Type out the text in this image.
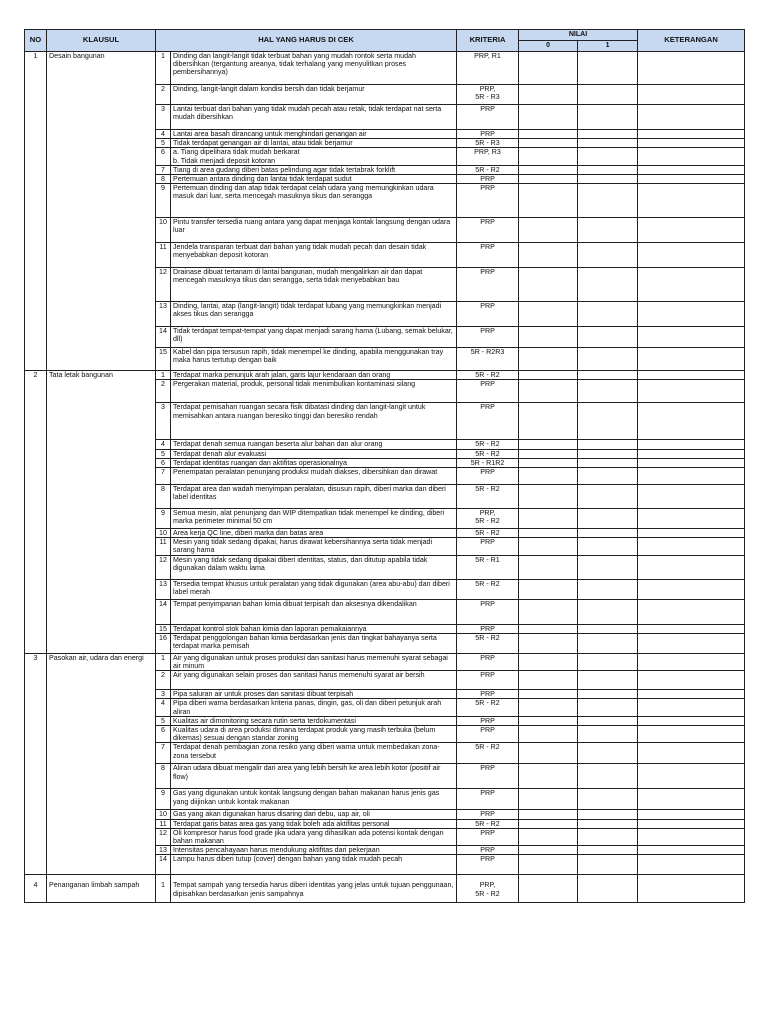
NO	KLAUSUL	HAL YANG HARUS DI CEK		KRITERIA	NILAI		KETERANGAN
					0	1	
1	Desain bangunan	1	Dinding dan langit-langit tidak terbuat bahan yang mudah rontok serta mudah dibersihkan (tergantung areanya, tidak terhalang yang menyulitkan proses pembersihannya)	PRP, R1			
		2	Dinding, langit-langit dalam kondisi bersih dan tidak berjamur	PRP,
5R - R3			
		3	Lantai terbuat dari bahan yang tidak mudah pecah atau retak, tidak terdapat nat serta mudah dibersihkan	PRP			
		4	Lantai area basah dirancang untuk menghindari genangan air	PRP			
		5	Tidak terdapat genangan air di lantai, atau tidak berjamur	5R - R3			
		6	a. Tiang dipelihara tidak mudah berkarat
b. Tidak menjadi deposit kotoran	PRP, R3			
		7	Tiang di area gudang diberi batas pelindung agar tidak tertabrak forklift	5R - R2			
		8	Pertemuan antara dinding dan lantai tidak terdapat sudut	PRP			
		9	Pertemuan dinding dan atap tidak terdapat celah udara yang memungkinkan udara masuk dari luar, serta mencegah masuknya tikus dan serangga	PRP			
		10	Pintu transfer tersedia ruang antara yang dapat menjaga kontak langsung dengan udara luar	PRP			
		11	Jendela transparan terbuat dari bahan yang tidak mudah pecah dan desain tidak menyebabkan deposit kotoran	PRP			
		12	Drainase dibuat tertanam di lantai bangunan, mudah mengalirkan air dan dapat mencegah masuknya tikus dan serangga, serta tidak menyebabkan bau	PRP			
		13	Dinding, lantai, atap (langit-langit) tidak terdapat lubang yang memungkinkan menjadi akses tikus dan serangga	PRP			
		14	Tidak terdapat tempat-tempat yang dapat menjadi sarang hama (Lubang, semak belukar, dll)	PRP			
		15	Kabel dan pipa tersusun rapih, tidak menempel ke dinding, apabila menggunakan tray maka harus tertutup dengan baik	5R - R2R3			
2	Tata letak bangunan	1	Terdapat marka penunjuk arah jalan, garis lajur kendaraan dan orang	5R - R2			
		2	Pergerakan material, produk, personal tidak menimbulkan kontaminasi silang	PRP			
		3	Terdapat pemisahan ruangan secara fisik dibatasi dinding dan langit-langit untuk memisahkan antara ruangan beresiko tinggi dan beresiko rendah	PRP			
		4	Terdapat denah semua ruangan beserta alur bahan dan alur orang	5R - R2			
		5	Terdapat denah alur evakuasi	5R - R2			
		6	Terdapat identitas ruangan dan aktifitas operasionalnya	5R - R1R2			
		7	Penempatan peralatan penunjang produksi mudah diakses, dibersihkan dan dirawat	PRP			
		8	Terdapat area dan wadah menyimpan peralatan, disusun rapih, diberi marka dan diberi label identitas	5R - R2			
		9	Semua mesin, alat penunjang dan WIP ditempatkan tidak menempel ke dinding, diberi marka perimeter minimal 50 cm	PRP,
5R - R2			
		10	Area kerja QC line, diberi marka dan batas area	5R - R2			
		11	Mesin yang tidak sedang dipakai, harus dirawat kebersihannya serta tidak menjadi sarang hama	PRP			
		12	Mesin yang tidak sedang dipakai diberi identitas, status, dan ditutup apabila tidak digunakan dalam waktu lama	5R - R1			
		13	Tersedia tempat khusus untuk peralatan yang tidak digunakan (area abu-abu) dan diberi label merah	5R - R2			
		14	Tempat penyimpanan bahan kimia dibuat terpisah dan aksesnya dikendalikan	PRP			
		15	Terdapat kontrol stok bahan kimia dan laporan pemakaiannya	PRP			
		16	Terdapat penggolongan bahan kimia berdasarkan jenis dan tingkat bahayanya serta terdapat marka pemisah	5R - R2			
3	Pasokan air, udara dan energi	1	Air yang digunakan untuk proses produksi dan sanitasi harus memenuhi syarat sebagai air minum	PRP			
		2	Air yang digunakan selain proses dan sanitasi harus memenuhi syarat air bersih	PRP			
		3	Pipa saluran air untuk proses dan sanitasi dibuat terpisah	PRP			
		4	Pipa diberi warna berdasarkan kriteria panas, dingin, gas, oli dan diberi petunjuk arah aliran	5R - R2			
		5	Kualitas air dimonitoring secara rutin serta terdokumentasi	PRP			
		6	Kualitas udara di area produksi dimana terdapat produk yang masih terbuka (belum dikemas) sesuai dengan standar zoning	PRP			
		7	Terdapat denah pembagian zona resiko yang diberi warna untuk membedakan zona-zona tersebut	5R - R2			
		8	Aliran udara dibuat mengalir dari area yang lebih bersih ke area lebih kotor (positif air flow)	PRP			
		9	Gas yang digunakan untuk kontak langsung dengan bahan makanan harus jenis gas yang diijinkan untuk kontak makanan	PRP			
		10	Gas yang akan digunakan harus disaring dari debu, uap air, oli	PRP			
		11	Terdapat garis batas area gas yang tidak boleh ada aktifitas personal	5R - R2			
		12	Oli kompresor harus food grade jika udara yang dihasilkan ada potensi kontak dengan bahan makanan	PRP			
		13	Intensitas pencahayaan harus mendukung aktifitas dari pekerjaan	PRP			
		14	Lampu harus diberi tutup (cover) dengan bahan yang tidak mudah pecah	PRP			
4	Penanganan limbah sampah	1	Tempat sampah yang tersedia harus diberi identitas yang jelas untuk tujuan penggunaan, dipisahkan berdasarkan jenis sampahnya	PRP,
5R - R2			
